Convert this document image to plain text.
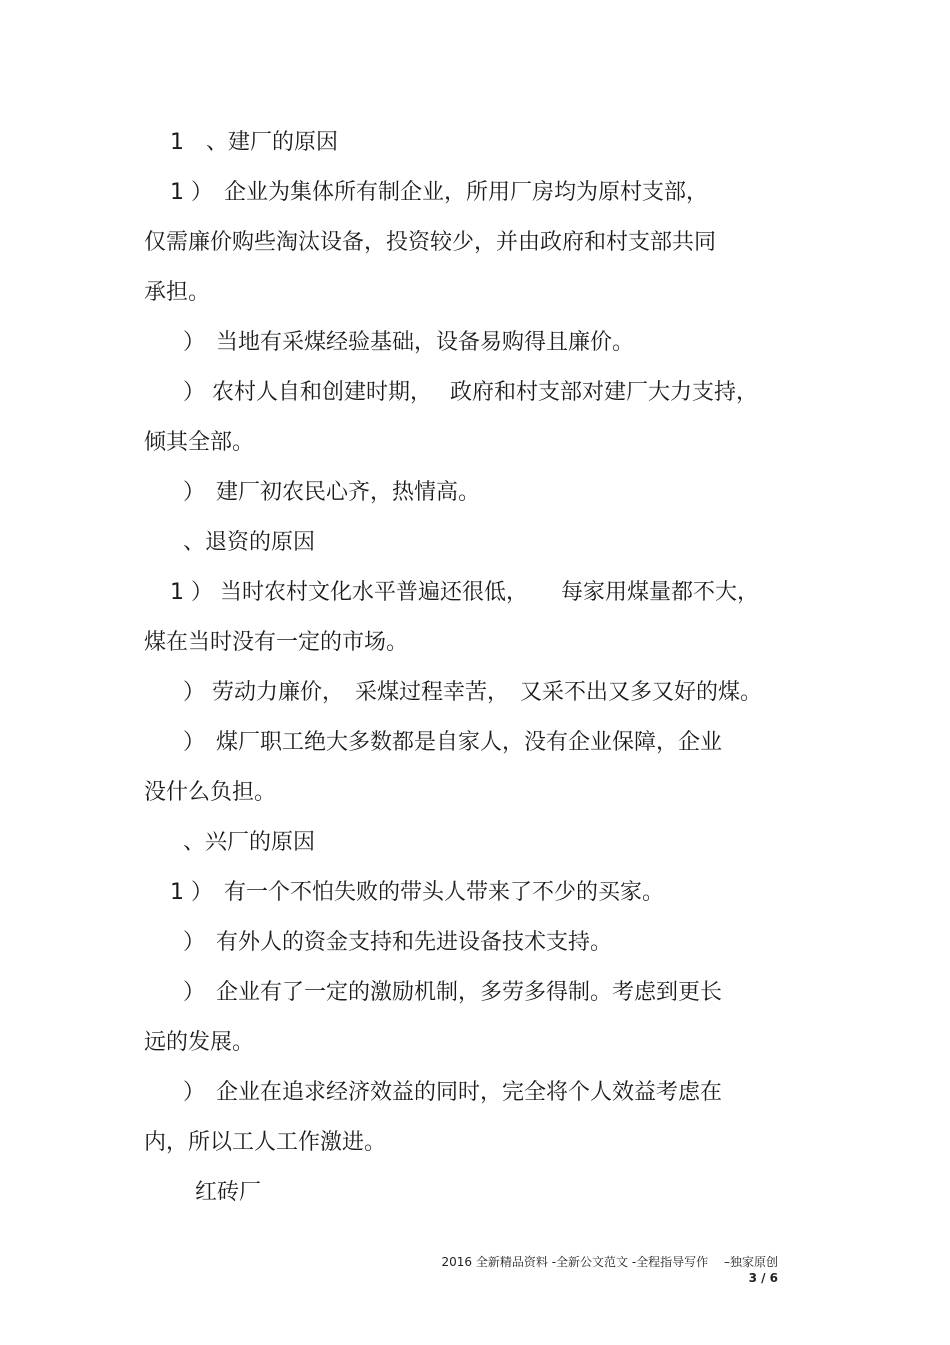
1　、建厂的原因
1 ）　企业为集体所有制企业，所用厂房均为原村支部，
仅需廉价购些淘汰设备，投资较少，并由政府和村支部共同
承担。
）　当地有采煤经验基础，设备易购得且廉价。
） 农村人自和创建时期，　 政府和村支部对建厂大力支持，
倾其全部。
）　建厂初农民心齐，热情高。
、退资的原因
1 ） 当时农村文化水平普遍还很低，　　每家用煤量都不大，
煤在当时没有一定的市场。
） 劳动力廉价，　采煤过程幸苦，　又采不出又多又好的煤。
）　煤厂职工绝大多数都是自家人，没有企业保障，企业
没什么负担。
、兴厂的原因
1 ）　有一个不怕失败的带头人带来了不少的买家。
）　有外人的资金支持和先进设备技术支持。
）　企业有了一定的激励机制，多劳多得制。考虑到更长
远的发展。
）　企业在追求经济效益的同时，完全将个人效益考虑在
内，所以工人工作激进。
红砖厂
2016 全新精品资料 -全新公文范文 -全程指导写作　 –独家原创
3 / 6
